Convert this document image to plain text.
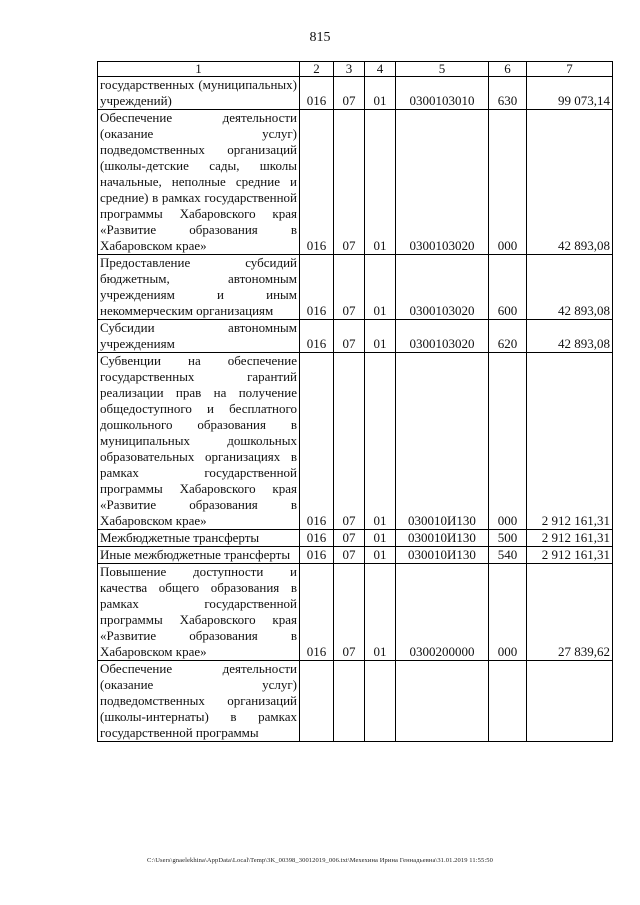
815
1	2	3	4	5	6	7
государственных (муниципальных) учреждений)	016	07	01	0300103010	630	99 073,14
Обеспечение деятельности (оказание услуг) подведомственных организаций (школы-детские сады, школы начальные, неполные средние и средние) в рамках государственной программы Хабаровского края «Развитие образования в Хабаровском крае»	016	07	01	0300103020	000	42 893,08
Предоставление субсидий бюджетным, автономным учреждениям и иным некоммерческим организациям	016	07	01	0300103020	600	42 893,08
Субсидии автономным учреждениям	016	07	01	0300103020	620	42 893,08
Субвенции на обеспечение государственных гарантий реализации прав на получение общедоступного и бесплатного дошкольного образования в муниципальных дошкольных образовательных организациях в рамках государственной программы Хабаровского края «Развитие образования в Хабаровском крае»	016	07	01	030010И130	000	2 912 161,31
Межбюджетные трансферты	016	07	01	030010И130	500	2 912 161,31
Иные межбюджетные трансферты	016	07	01	030010И130	540	2 912 161,31
Повышение доступности и качества общего образования в рамках государственной программы Хабаровского края «Развитие образования в Хабаровском крае»	016	07	01	0300200000	000	27 839,62
Обеспечение деятельности (оказание услуг) подведомственных организаций (школы-интернаты) в рамках государственной программы						
C:\Users\gnaelekhina\AppData\Local\Temp\3K_00398_30012019_006.txt\Мехехина Ирина Геннадьевна\31.01.2019 11:55:50
